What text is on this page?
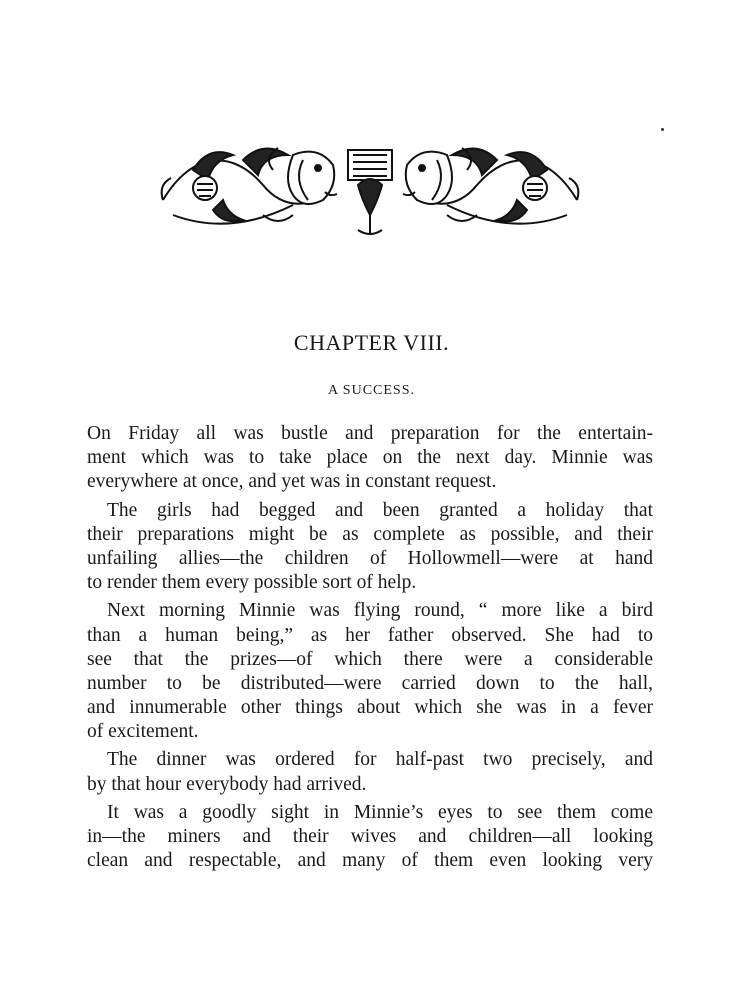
CHAPTER VIII.
A SUCCESS.

On Friday all was bustle and preparation for the entertain-
ment which was to take place on the next day. Minnie was
everywhere at once, and yet was in constant request.

The girls had begged and been granted a holiday that
their preparations might be as complete as possible, and their
unfailing allies—the children of Hollowmell—were at hand
to render them every possible sort of help.

Next morning Minnie was flying round, “ more like a bird
than a human being,” as her father observed. She had to
see that the prizes—of which there were a considerable
number to be distributed—were carried down to the hall,
and innumerable other things about which she was in a fever
of excitement.

The dinner was ordered for half-past two precisely, and
by that hour everybody had arrived.

It was a goodly sight in Minnie’s eyes to see them come
in—the miners and their wives and children—all looking
clean and respectable, and many of them even looking very
